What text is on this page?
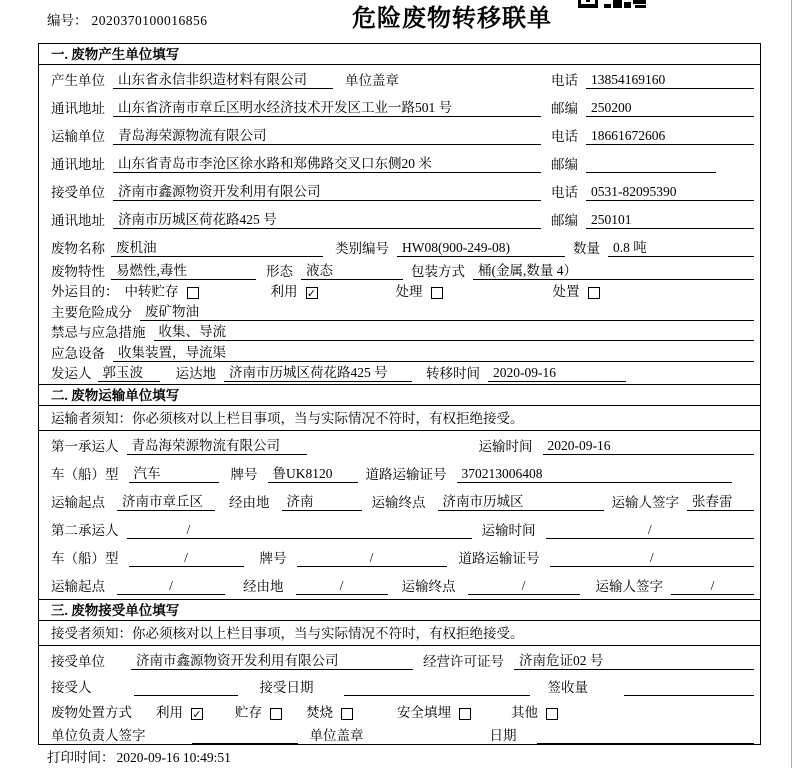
编号： 2020370100016856	危险废物转移联单
一. 废物产生单位填写
产生单位 山东省永信非织造材料有限公司	单位盖章	电话 13854169160
通讯地址 山东省济南市章丘区明水经济技术开发区工业一路501 号	邮编 250200
运输单位 青岛海荣源物流有限公司	电话 18661672606
通讯地址 山东省青岛市李沧区徐水路和郑佛路交叉口东侧20 米	邮编
接受单位 济南市鑫源物资开发利用有限公司	电话 0531-82095390
通讯地址 济南市历城区荷花路425 号	邮编 250101
废物名称 废机油	类别编号 HW08(900-249-08)	数量 0.8 吨
废物特性 易燃性,毒性	形态 液态	包装方式 桶(金属,数量 4）
外运目的： 中转贮存	利用 ✓	处理	处置
主要危险成分 废矿物油
禁忌与应急措施 收集、导流
应急设备 收集装置，导流渠
发运人 郭玉波	运达地 济南市历城区荷花路425 号	转移时间 2020-09-16
二. 废物运输单位填写
运输者须知：你必须核对以上栏目事项，当与实际情况不符时，有权拒绝接受。
第一承运人 青岛海荣源物流有限公司	运输时间	2020-09-16
车（船）型	汽车	牌号	鲁UK8120	道路运输证号	370213006408
运输起点	济南市章丘区	经由地	济南	运输终点	济南市历城区	运输人签字 张春雷
第二承运人	/	运输时间	/
车（船）型	/	牌号	/	道路运输证号	/
运输起点	/	经由地	/	运输终点	/	运输人签字	/
三. 废物接受单位填写
接受者须知：你必须核对以上栏目事项，当与实际情况不符时，有权拒绝接受。
接受单位	济南市鑫源物资开发利用有限公司	经营许可证号	济南危证02 号
接受人	接受日期	签收量
废物处置方式 利用 ✓ 贮存	焚烧	安全填埋	其他
单位负责人签字	单位盖章	日期
打印时间： 2020-09-16 10:49:51
